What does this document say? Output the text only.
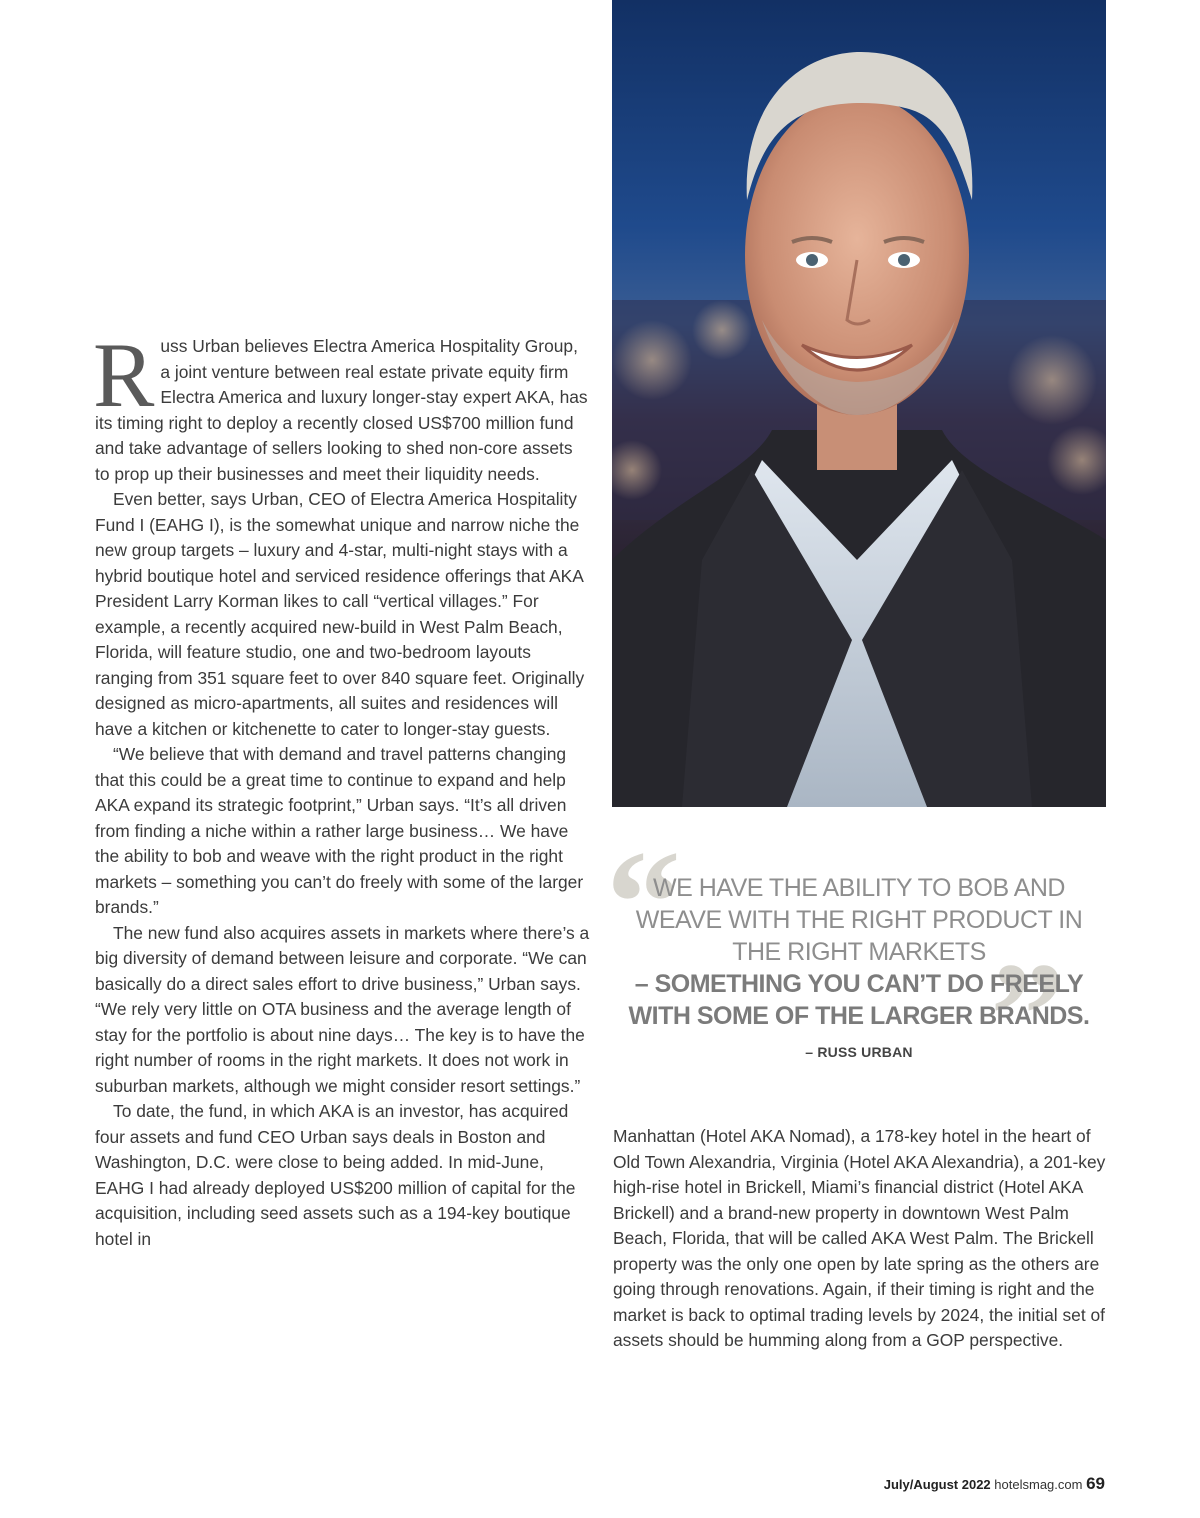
Russ Urban believes Electra America Hospitality Group, a joint venture between real estate private equity firm Electra America and luxury longer-stay expert AKA, has its timing right to deploy a recently closed US$700 million fund and take advantage of sellers looking to shed non-core assets to prop up their businesses and meet their liquidity needs.

Even better, says Urban, CEO of Electra America Hospitality Fund I (EAHG I), is the somewhat unique and narrow niche the new group targets – luxury and 4-star, multi-night stays with a hybrid boutique hotel and serviced residence offerings that AKA President Larry Korman likes to call “vertical villages.” For example, a recently acquired new-build in West Palm Beach, Florida, will feature studio, one and two-bedroom layouts ranging from 351 square feet to over 840 square feet. Originally designed as micro-apartments, all suites and residences will have a kitchen or kitchenette to cater to longer-stay guests.

“We believe that with demand and travel patterns changing that this could be a great time to continue to expand and help AKA expand its strategic footprint,” Urban says. “It’s all driven from finding a niche within a rather large business… We have the ability to bob and weave with the right product in the right markets – something you can’t do freely with some of the larger brands.”

The new fund also acquires assets in markets where there’s a big diversity of demand between leisure and corporate. “We can basically do a direct sales effort to drive business,” Urban says. “We rely very little on OTA business and the average length of stay for the portfolio is about nine days… The key is to have the right number of rooms in the right markets. It does not work in suburban markets, although we might consider resort settings.”

To date, the fund, in which AKA is an investor, has acquired four assets and fund CEO Urban says deals in Boston and Washington, D.C. were close to being added. In mid-June, EAHG I had already deployed US$200 million of capital for the acquisition, including seed assets such as a 194-key boutique hotel in

“
”
WE HAVE THE ABILITY TO BOB AND WEAVE WITH THE RIGHT PRODUCT IN THE RIGHT MARKETS
– SOMETHING YOU CAN’T DO FREELY WITH SOME OF THE LARGER BRANDS.
– RUSS URBAN

Manhattan (Hotel AKA Nomad), a 178-key hotel in the heart of Old Town Alexandria, Virginia (Hotel AKA Alexandria), a 201-key high-rise hotel in Brickell, Miami’s financial district (Hotel AKA Brickell) and a brand-new property in downtown West Palm Beach, Florida, that will be called AKA West Palm. The Brickell property was the only one open by late spring as the others are going through renovations. Again, if their timing is right and the market is back to optimal trading levels by 2024, the initial set of assets should be humming along from a GOP perspective.

July/August 2022 hotelsmag.com 69
